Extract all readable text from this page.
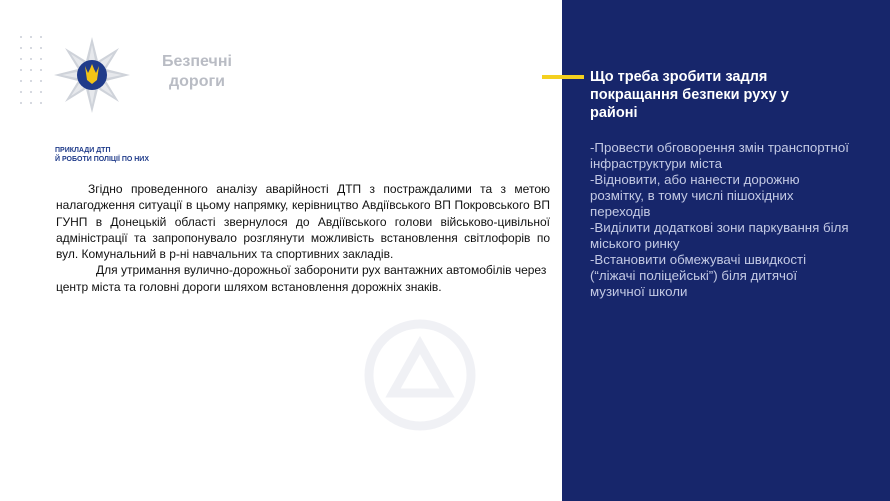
Безпечні
дороги
ПРИКЛАДИ ДТП
Й РОБОТИ ПОЛІЦІЇ ПО НИХ

Згідно проведенного аналізу аварійності ДТП з постраждалими та з метою налагодження ситуації в цьому напрямку, керівництво Авдіївського ВП Покровського ВП ГУНП в Донецькій області звернулося до Авдіївського голови військово-цивільної адміністрації та запропонувало розглянути можливість встановлення світлофорів по вул. Комунальний в р-ні навчальних та спортивних закладів.

Для утримання вулично-дорожньої заборонити рух вантажних автомобілів через центр міста та головні дороги шляхом встановлення дорожніх знаків.

Що треба зробити задля покращання безпеки руху у районі

-Провести обговорення змін транспортної інфраструктури міста

-Відновити, або нанести дорожню розмітку, в тому числі пішохідних переходів

-Виділити додаткові зони паркування біля міського ринку

-Встановити обмежувачі швидкості (“ліжачі поліцейські”) біля дитячої музичної школи
